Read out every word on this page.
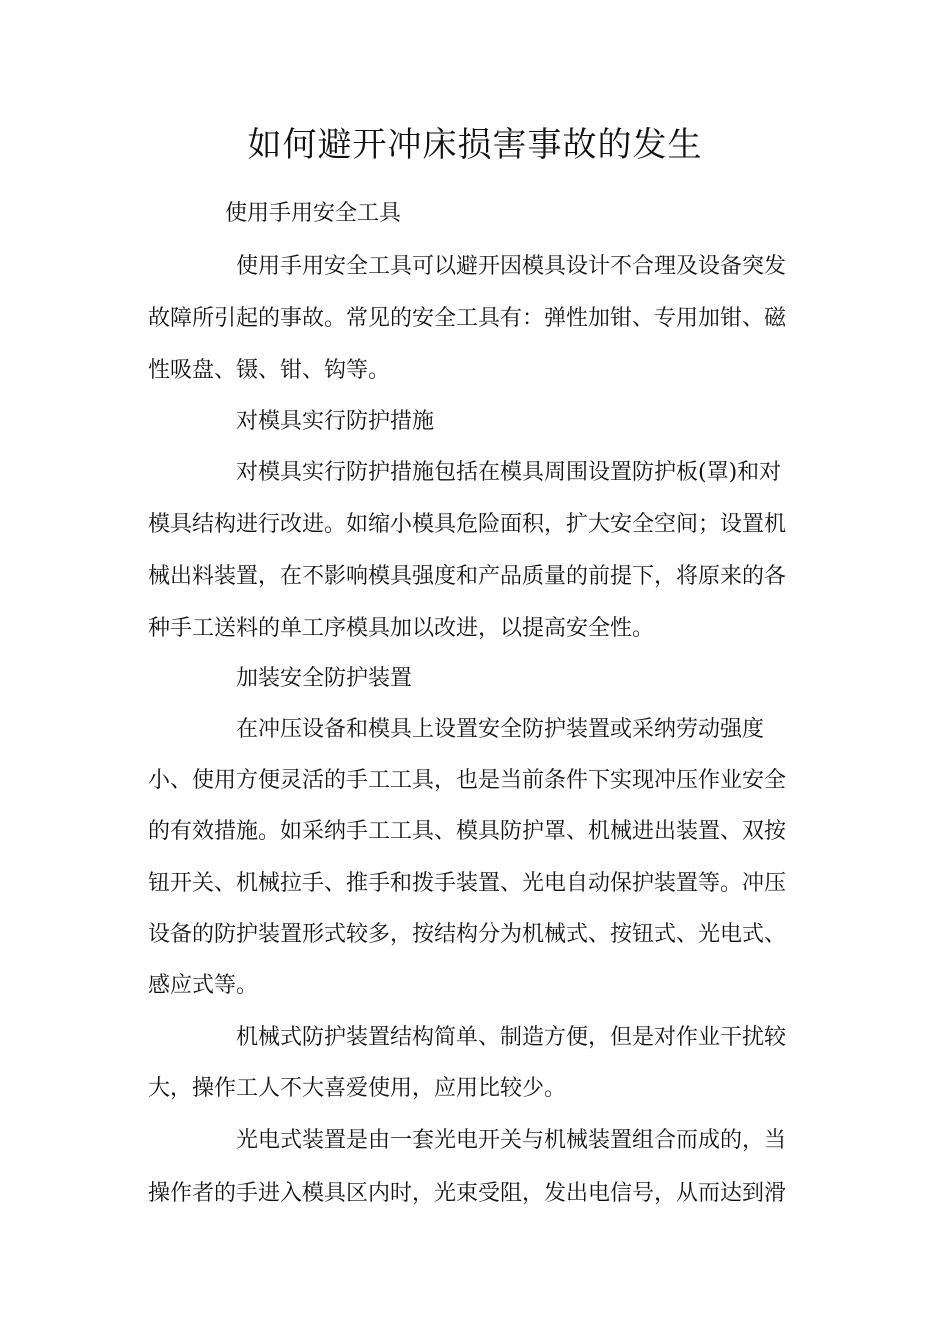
如何避开冲床损害事故的发生

使用手用安全工具

使用手用安全工具可以避开因模具设计不合理及设备突发

故障所引起的事故。常见的安全工具有：弹性加钳、专用加钳、磁

性吸盘、镊、钳、钩等。

对模具实行防护措施

对模具实行防护措施包括在模具周围设置防护板(罩)和对

模具结构进行改进。如缩小模具危险面积，扩大安全空间；设置机

械出料装置，在不影响模具强度和产品质量的前提下，将原来的各

种手工送料的单工序模具加以改进，以提高安全性。

加装安全防护装置

在冲压设备和模具上设置安全防护装置或采纳劳动强度

小、使用方便灵活的手工工具，也是当前条件下实现冲压作业安全

的有效措施。如采纳手工工具、模具防护罩、机械进出装置、双按

钮开关、机械拉手、推手和拨手装置、光电自动保护装置等。冲压

设备的防护装置形式较多，按结构分为机械式、按钮式、光电式、

感应式等。

机械式防护装置结构简单、制造方便，但是对作业干扰较

大，操作工人不大喜爱使用，应用比较少。

光电式装置是由一套光电开关与机械装置组合而成的，当

操作者的手进入模具区内时，光束受阻，发出电信号，从而达到滑
